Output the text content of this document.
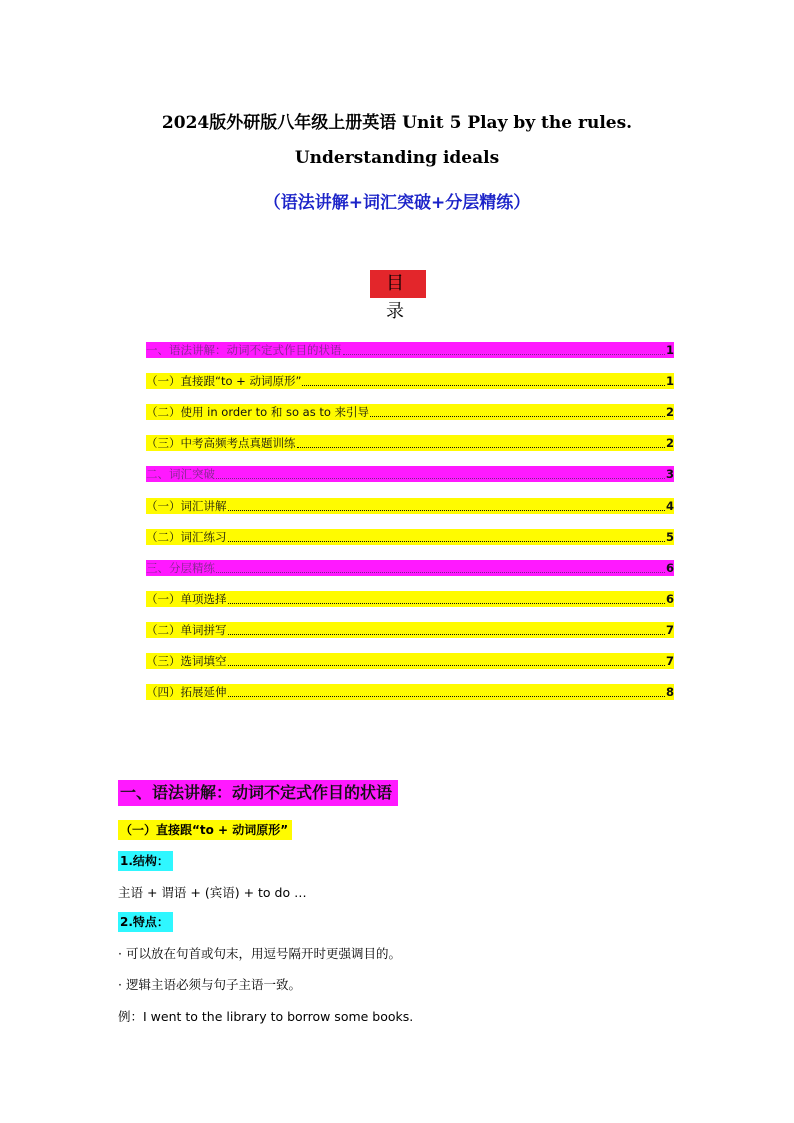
2024版外研版八年级上册英语 Unit 5 Play by the rules.
Understanding ideals
（语法讲解+词汇突破+分层精练）
目 录
一、语法讲解：动词不定式作目的状语	1
（一）直接跟“to + 动词原形”	1
（二）使用 in order to 和 so as to 来引导	2
（三）中考高频考点真题训练	2
二、词汇突破	3
（一）词汇讲解	4
（二）词汇练习	5
三、分层精练	6
（一）单项选择	6
（二）单词拼写	7
（三）选词填空	7
（四）拓展延伸	8
一、语法讲解：动词不定式作目的状语
（一）直接跟“to + 动词原形”
1.结构：
主语 + 谓语 + (宾语) + to do …
2.特点：
· 可以放在句首或句末，用逗号隔开时更强调目的。
· 逻辑主语必须与句子主语一致。
例：I went to the library to borrow some books.
